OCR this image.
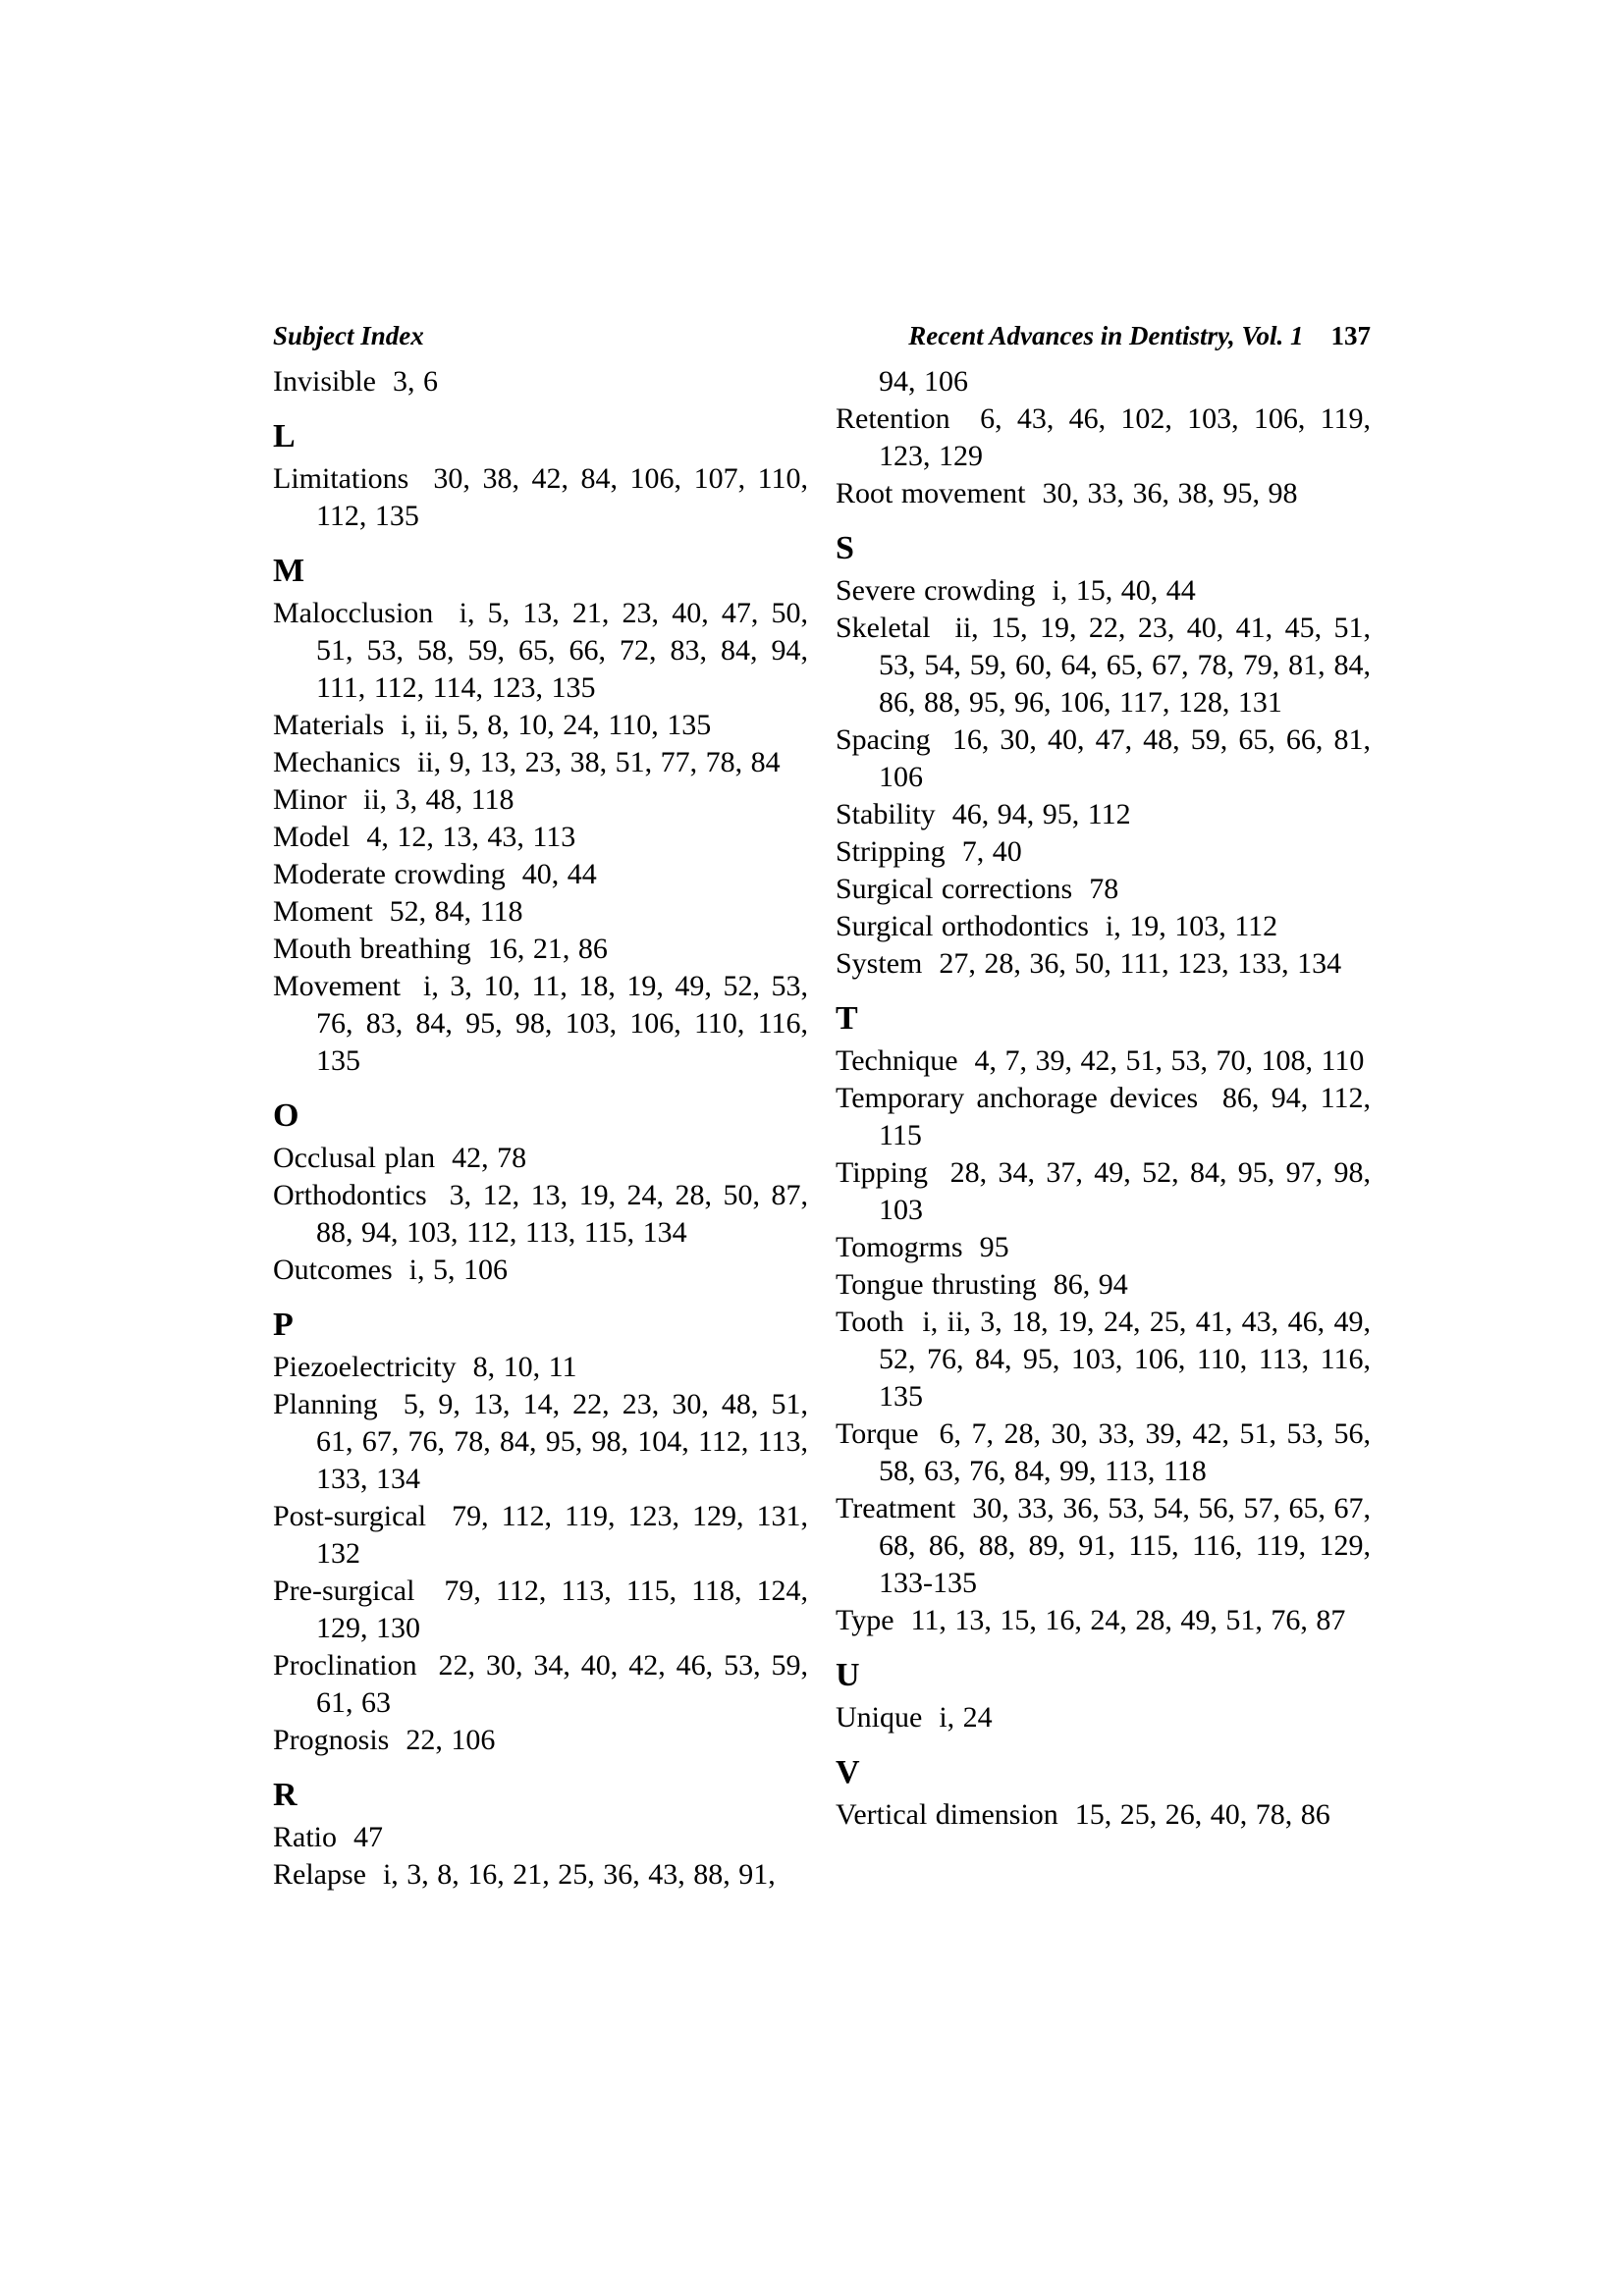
Subject Index	Recent Advances in Dentistry, Vol. 1 137
Invisible 3, 6
L
Limitations 30, 38, 42, 84, 106, 107, 110, 112, 135
M
Malocclusion i, 5, 13, 21, 23, 40, 47, 50, 51, 53, 58, 59, 65, 66, 72, 83, 84, 94, 111, 112, 114, 123, 135
Materials i, ii, 5, 8, 10, 24, 110, 135
Mechanics ii, 9, 13, 23, 38, 51, 77, 78, 84
Minor ii, 3, 48, 118
Model 4, 12, 13, 43, 113
Moderate crowding 40, 44
Moment 52, 84, 118
Mouth breathing 16, 21, 86
Movement i, 3, 10, 11, 18, 19, 49, 52, 53, 76, 83, 84, 95, 98, 103, 106, 110, 116, 135
O
Occlusal plan 42, 78
Orthodontics 3, 12, 13, 19, 24, 28, 50, 87, 88, 94, 103, 112, 113, 115, 134
Outcomes i, 5, 106
P
Piezoelectricity 8, 10, 11
Planning 5, 9, 13, 14, 22, 23, 30, 48, 51, 61, 67, 76, 78, 84, 95, 98, 104, 112, 113, 133, 134
Post-surgical 79, 112, 119, 123, 129, 131, 132
Pre-surgical 79, 112, 113, 115, 118, 124, 129, 130
Proclination 22, 30, 34, 40, 42, 46, 53, 59, 61, 63
Prognosis 22, 106
R
Ratio 47
Relapse i, 3, 8, 16, 21, 25, 36, 43, 88, 91,
94, 106
Retention 6, 43, 46, 102, 103, 106, 119, 123, 129
Root movement 30, 33, 36, 38, 95, 98
S
Severe crowding i, 15, 40, 44
Skeletal ii, 15, 19, 22, 23, 40, 41, 45, 51, 53, 54, 59, 60, 64, 65, 67, 78, 79, 81, 84, 86, 88, 95, 96, 106, 117, 128, 131
Spacing 16, 30, 40, 47, 48, 59, 65, 66, 81, 106
Stability 46, 94, 95, 112
Stripping 7, 40
Surgical corrections 78
Surgical orthodontics i, 19, 103, 112
System 27, 28, 36, 50, 111, 123, 133, 134
T
Technique 4, 7, 39, 42, 51, 53, 70, 108, 110
Temporary anchorage devices 86, 94, 112, 115
Tipping 28, 34, 37, 49, 52, 84, 95, 97, 98, 103
Tomogrms 95
Tongue thrusting 86, 94
Tooth i, ii, 3, 18, 19, 24, 25, 41, 43, 46, 49, 52, 76, 84, 95, 103, 106, 110, 113, 116, 135
Torque 6, 7, 28, 30, 33, 39, 42, 51, 53, 56, 58, 63, 76, 84, 99, 113, 118
Treatment 30, 33, 36, 53, 54, 56, 57, 65, 67, 68, 86, 88, 89, 91, 115, 116, 119, 129, 133-135
Type 11, 13, 15, 16, 24, 28, 49, 51, 76, 87
U
Unique i, 24
V
Vertical dimension 15, 25, 26, 40, 78, 86
